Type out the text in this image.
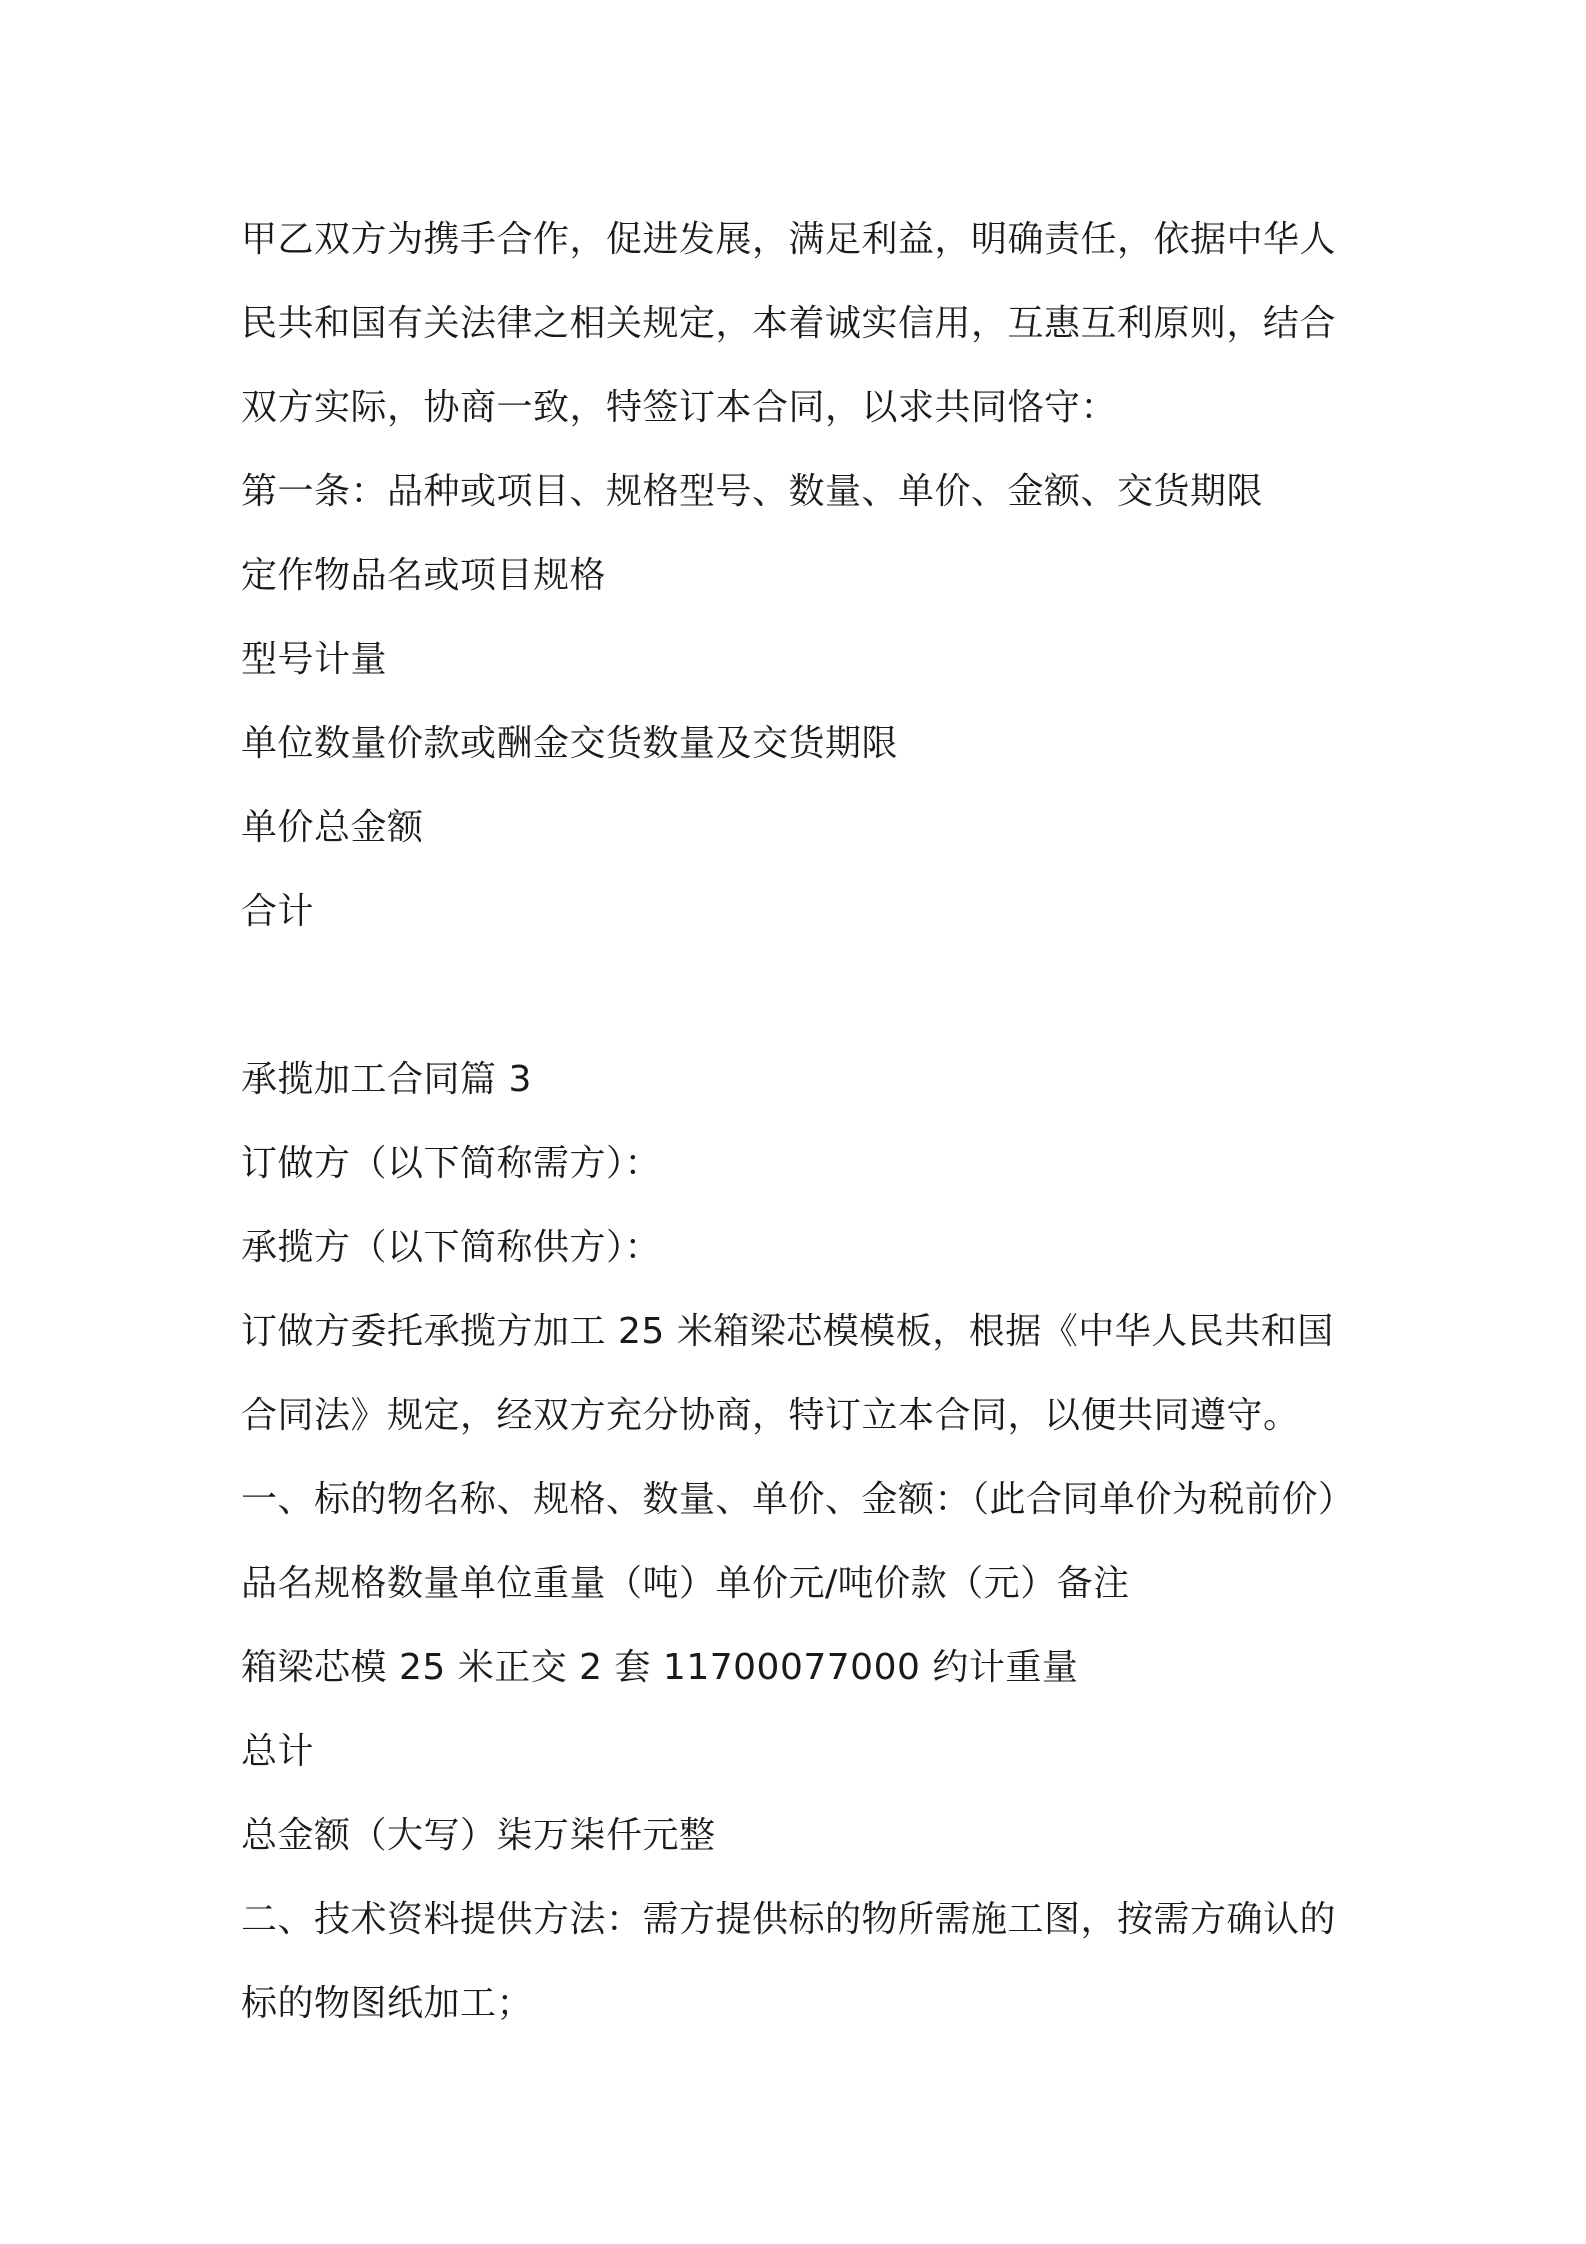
甲乙双方为携手合作，促进发展，满足利益，明确责任，依据中华人
民共和国有关法律之相关规定，本着诚实信用，互惠互利原则，结合
双方实际，协商一致，特签订本合同，以求共同恪守：
第一条：品种或项目、规格型号、数量、单价、金额、交货期限
定作物品名或项目规格
型号计量
单位数量价款或酬金交货数量及交货期限
单价总金额
合计
承揽加工合同篇 3
订做方（以下简称需方）：
承揽方（以下简称供方）：
订做方委托承揽方加工 25 米箱梁芯模模板，根据《中华人民共和国
合同法》规定，经双方充分协商，特订立本合同，以便共同遵守。
一、标的物名称、规格、数量、单价、金额：（此合同单价为税前价）
品名规格数量单位重量（吨）单价元/吨价款（元）备注
箱梁芯模 25 米正交 2 套 11700077000 约计重量
总计
总金额（大写）柒万柒仟元整
二、技术资料提供方法：需方提供标的物所需施工图，按需方确认的
标的物图纸加工；
